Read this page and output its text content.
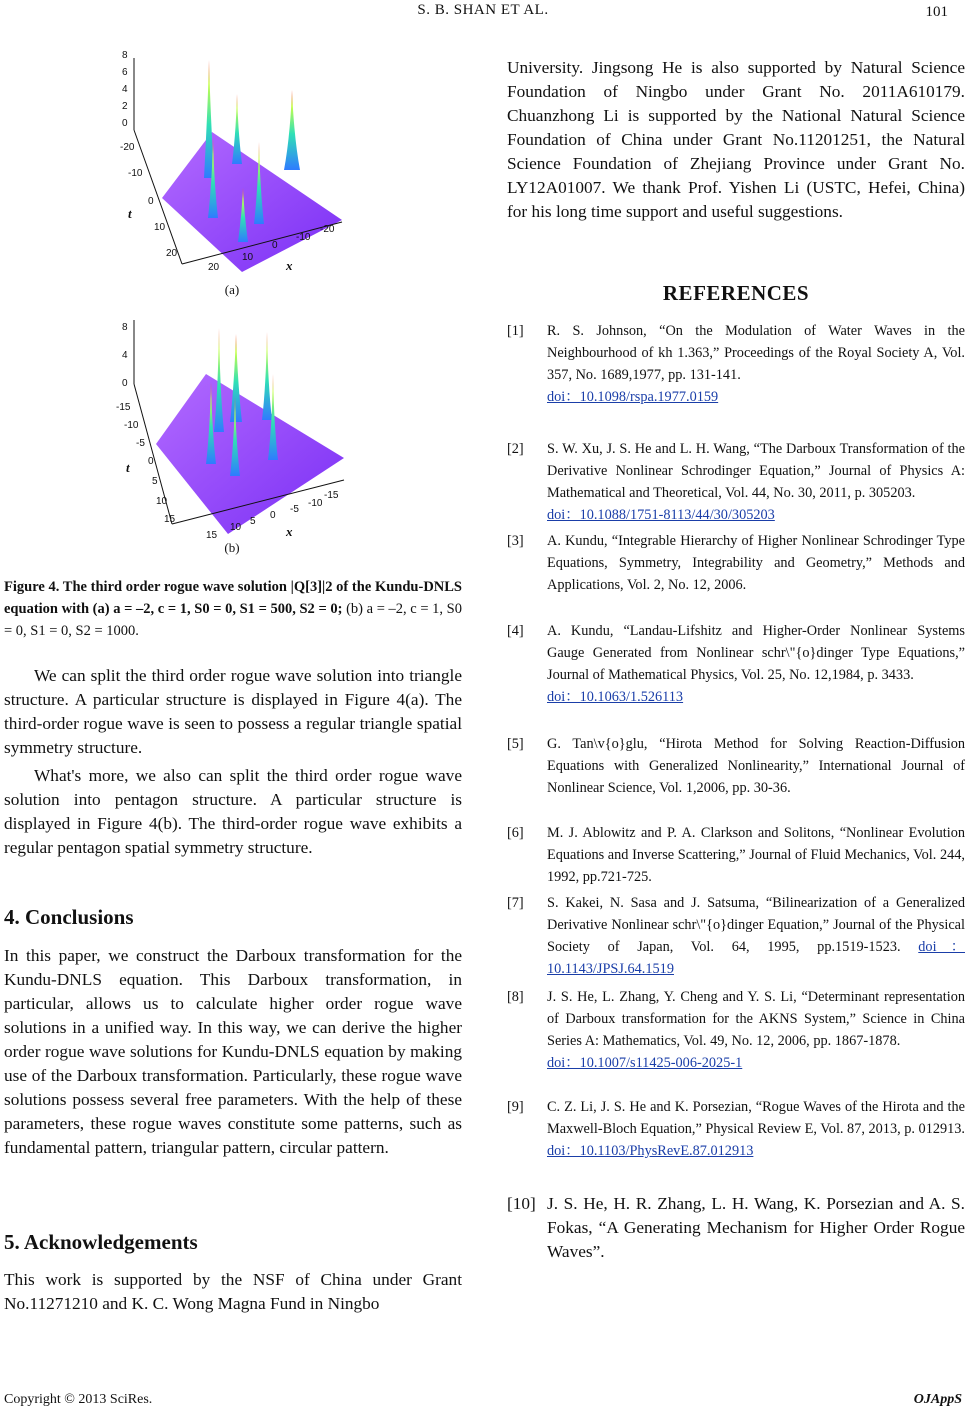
S. B. SHAN ET AL.	101
8
6
4
2
0
-20
-10
0
10
20
t
20
10
0
-10
-20
x
(a)
8
4
0
-15
-10
-5
0
5
10
15
t
15
10
5
0
-5
-10
-15
x
(b)
Figure 4. The third order rogue wave solution |Q[3]|2 of the Kundu-DNLS equation with (a) a = –2, c = 1, S0 = 0, S1 = 500, S2 = 0; (b) a = –2, c = 1, S0 = 0, S1 = 0, S2 = 1000.
We can split the third order rogue wave solution into triangle structure. A particular structure is displayed in Figure 4(a). The third-order rogue wave is seen to possess a regular triangle spatial symmetry structure.
What's more, we also can split the third order rogue wave solution into pentagon structure. A particular structure is displayed in Figure 4(b). The third-order rogue wave exhibits a regular pentagon spatial symmetry structure.
4. Conclusions
In this paper, we construct the Darboux transformation for the Kundu-DNLS equation. This Darboux transformation, in particular, allows us to calculate higher order rogue wave solutions in a unified way. In this way, we can derive the higher order rogue wave solutions for Kundu-DNLS equation by making use of the Darboux transformation. Particularly, these rogue wave solutions possess several free parameters. With the help of these parameters, these rogue waves constitute some patterns, such as fundamental pattern, triangular pattern, circular pattern.
5. Acknowledgements
This work is supported by the NSF of China under Grant No.11271210 and K. C. Wong Magna Fund in Ningbo
University. Jingsong He is also supported by Natural Science Foundation of Ningbo under Grant No. 2011A610179. Chuanzhong Li is supported by the National Natural Science Foundation of China under Grant No.11201251, the Natural Science Foundation of Zhejiang Province under Grant No. LY12A01007. We thank Prof. Yishen Li (USTC, Hefei, China) for his long time support and useful suggestions.
REFERENCES
[1] R. S. Johnson, “On the Modulation of Water Waves in the Neighbourhood of kh 1.363,” Proceedings of the Royal Society A, Vol. 357, No. 1689,1977, pp. 131-141.
doi：10.1098/rspa.1977.0159
[2] S. W. Xu, J. S. He and L. H. Wang, “The Darboux Transformation of the Derivative Nonlinear Schrodinger Equation,” Journal of Physics A: Mathematical and Theoretical, Vol. 44, No. 30, 2011, p. 305203.
doi：10.1088/1751-8113/44/30/305203
[3] A. Kundu, “Integrable Hierarchy of Higher Nonlinear Schrodinger Type Equations, Symmetry, Integrability and Geometry,” Methods and Applications, Vol. 2, No. 12, 2006.
[4] A. Kundu, “Landau-Lifshitz and Higher-Order Nonlinear Systems Gauge Generated from Nonlinear schr\"{o}dinger Type Equations,” Journal of Mathematical Physics, Vol. 25, No. 12,1984, p. 3433.
doi：10.1063/1.526113
[5] G. Tan\v{o}glu, “Hirota Method for Solving Reaction-Diffusion Equations with Generalized Nonlinearity,” International Journal of Nonlinear Science, Vol. 1,2006, pp. 30-36.
[6] M. J. Ablowitz and P. A. Clarkson and Solitons, “Nonlinear Evolution Equations and Inverse Scattering,” Journal of Fluid Mechanics, Vol. 244, 1992, pp.721-725.
[7] S. Kakei, N. Sasa and J. Satsuma, “Bilinearization of a Generalized Derivative Nonlinear schr\"{o}dinger Equation,” Journal of the Physical Society of Japan, Vol. 64, 1995, pp.1519-1523. doi：10.1143/JPSJ.64.1519
[8] J. S. He, L. Zhang, Y. Cheng and Y. S. Li, “Determinant representation of Darboux transformation for the AKNS System,” Science in China Series A: Mathematics, Vol. 49, No. 12, 2006, pp. 1867-1878.
doi：10.1007/s11425-006-2025-1
[9] C. Z. Li, J. S. He and K. Porsezian, “Rogue Waves of the Hirota and the Maxwell-Bloch Equation,” Physical Review E, Vol. 87, 2013, p. 012913.
doi：10.1103/PhysRevE.87.012913
[10] J. S. He, H. R. Zhang, L. H. Wang, K. Porsezian and A. S. Fokas, “A Generating Mechanism for Higher Order Rogue Waves”.
Copyright © 2013 SciRes.	OJAppS
